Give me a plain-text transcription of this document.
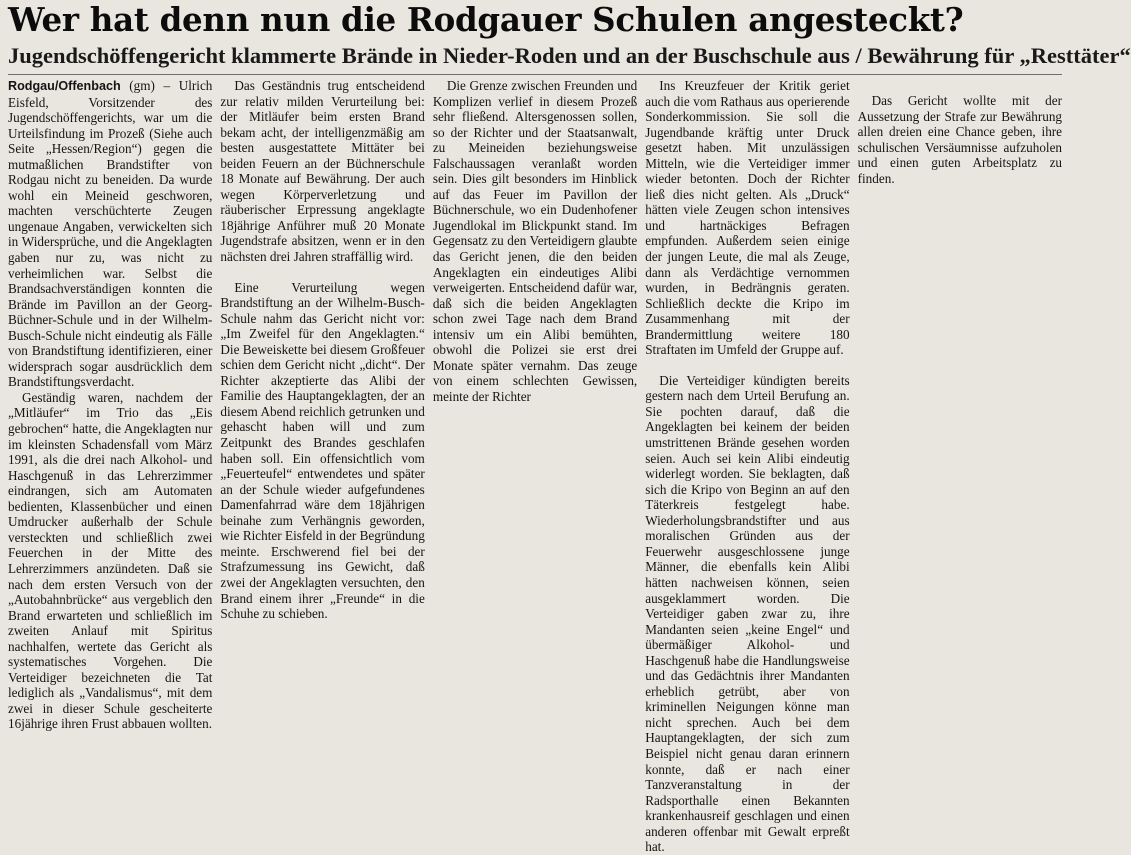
Wer hat denn nun die Rodgauer Schulen angesteckt?
Jugendschöffengericht klammerte Brände in Nieder-Roden und an der Buschschule aus / Bewährung für „Resttäter“

Rodgau/Offenbach (gm) – Ulrich Eisfeld, Vorsitzender des Jugendschöffengerichts, war um die Urteilsfindung im Prozeß (Siehe auch Seite „Hessen/Region“) gegen die mutmaßlichen Brandstifter von Rodgau nicht zu beneiden. Da wurde wohl ein Meineid geschworen, machten verschüchterte Zeugen ungenaue Angaben, verwickelten sich in Widersprüche, und die Angeklagten gaben nur zu, was nicht zu verheimlichen war. Selbst die Brandsachverständigen konnten die Brände im Pavillon an der Georg-Büchner-Schule und in der Wilhelm-Busch-Schule nicht eindeutig als Fälle von Brandstiftung identifizieren, einer widersprach sogar ausdrücklich dem Brandstiftungsverdacht.

Geständig waren, nachdem der „Mitläufer“ im Trio das „Eis gebrochen“ hatte, die Angeklagten nur im kleinsten Schadensfall vom März 1991, als die drei nach Alkohol- und Haschgenuß in das Lehrerzimmer eindrangen, sich am Automaten bedienten, Klassenbücher und einen Umdrucker außerhalb der Schule versteckten und schließlich zwei Feuerchen in der Mitte des Lehrerzimmers anzündeten. Daß sie nach dem ersten Versuch von der „Autobahnbrücke“ aus vergeblich den Brand erwarteten und schließlich im zweiten Anlauf mit Spiritus nachhalfen, wertete das Gericht als systematisches Vorgehen. Die Verteidiger bezeichneten die Tat lediglich als „Vandalismus“, mit dem zwei in dieser Schule gescheiterte 16jährige ihren Frust abbauen wollten.

Das Geständnis trug entscheidend zur relativ milden Verurteilung bei: der Mitläufer beim ersten Brand bekam acht, der intelligenzmäßig am besten ausgestattete Mittäter bei beiden Feuern an der Büchnerschule 18 Monate auf Bewährung. Der auch wegen Körperverletzung und räuberischer Erpressung angeklagte 18jährige Anführer muß 20 Monate Jugendstrafe absitzen, wenn er in den nächsten drei Jahren straffällig wird.

Eine Verurteilung wegen Brandstiftung an der Wilhelm-Busch-Schule nahm das Gericht nicht vor: „Im Zweifel für den Angeklagten.“ Die Beweiskette bei diesem Großfeuer schien dem Gericht nicht „dicht“. Der Richter akzeptierte das Alibi der Familie des Hauptangeklagten, der an diesem Abend reichlich getrunken und gehascht haben will und zum Zeitpunkt des Brandes geschlafen haben soll. Ein offensichtlich vom „Feuerteufel“ entwendetes und später an der Schule wieder aufgefundenes Damenfahrrad wäre dem 18jährigen beinahe zum Verhängnis geworden, wie Richter Eisfeld in der Begründung meinte. Erschwerend fiel bei der Strafzumessung ins Gewicht, daß zwei der Angeklagten versuchten, den Brand einem ihrer „Freunde“ in die Schuhe zu schieben.

Die Grenze zwischen Freunden und Komplizen verlief in diesem Prozeß sehr fließend. Altersgenossen sollen, so der Richter und der Staatsanwalt, zu Meineiden beziehungsweise Falschaussagen veranlaßt worden sein. Dies gilt besonders im Hinblick auf das Feuer im Pavillon der Büchnerschule, wo ein Dudenhofener Jugendlokal im Blickpunkt stand. Im Gegensatz zu den Verteidigern glaubte das Gericht jenen, die den beiden Angeklagten ein eindeutiges Alibi verweigerten. Entscheidend dafür war, daß sich die beiden Angeklagten schon zwei Tage nach dem Brand intensiv um ein Alibi bemühten, obwohl die Polizei sie erst drei Monate später vernahm. Das zeuge von einem schlechten Gewissen, meinte der Richter

Ins Kreuzfeuer der Kritik geriet auch die vom Rathaus aus operierende Sonderkommission. Sie soll die Jugendbande kräftig unter Druck gesetzt haben. Mit unzulässigen Mitteln, wie die Verteidiger immer wieder betonten. Doch der Richter ließ dies nicht gelten. Als „Druck“ hätten viele Zeugen schon intensives und hartnäckiges Befragen empfunden. Außerdem seien einige der jungen Leute, die mal als Zeuge, dann als Verdächtige vernommen wurden, in Bedrängnis geraten. Schließlich deckte die Kripo im Zusammenhang mit der Brandermittlung weitere 180 Straftaten im Umfeld der Gruppe auf.

Die Verteidiger kündigten bereits gestern nach dem Urteil Berufung an. Sie pochten darauf, daß die Angeklagten bei keinem der beiden umstrittenen Brände gesehen worden seien. Auch sei kein Alibi eindeutig widerlegt worden. Sie beklagten, daß sich die Kripo von Beginn an auf den Täterkreis festgelegt habe. Wiederholungsbrandstifter und aus moralischen Gründen aus der Feuerwehr ausgeschlossene junge Männer, die ebenfalls kein Alibi hätten nachweisen können, seien ausgeklammert worden. Die Verteidiger gaben zwar zu, ihre Mandanten seien „keine Engel“ und übermäßiger Alkohol- und Haschgenuß habe die Handlungsweise und das Gedächtnis ihrer Mandanten erheblich getrübt, aber von kriminellen Neigungen könne man nicht sprechen. Auch bei dem Hauptangeklagten, der sich zum Beispiel nicht genau daran erinnern konnte, daß er nach einer Tanzveranstaltung in der Radsporthalle einen Bekannten krankenhausreif geschlagen und einen anderen offenbar mit Gewalt erpreßt hat.

Das Gericht wollte mit der Aussetzung der Strafe zur Bewährung allen dreien eine Chance geben, ihre schulischen Versäumnisse aufzuholen und einen guten Arbeitsplatz zu finden.
